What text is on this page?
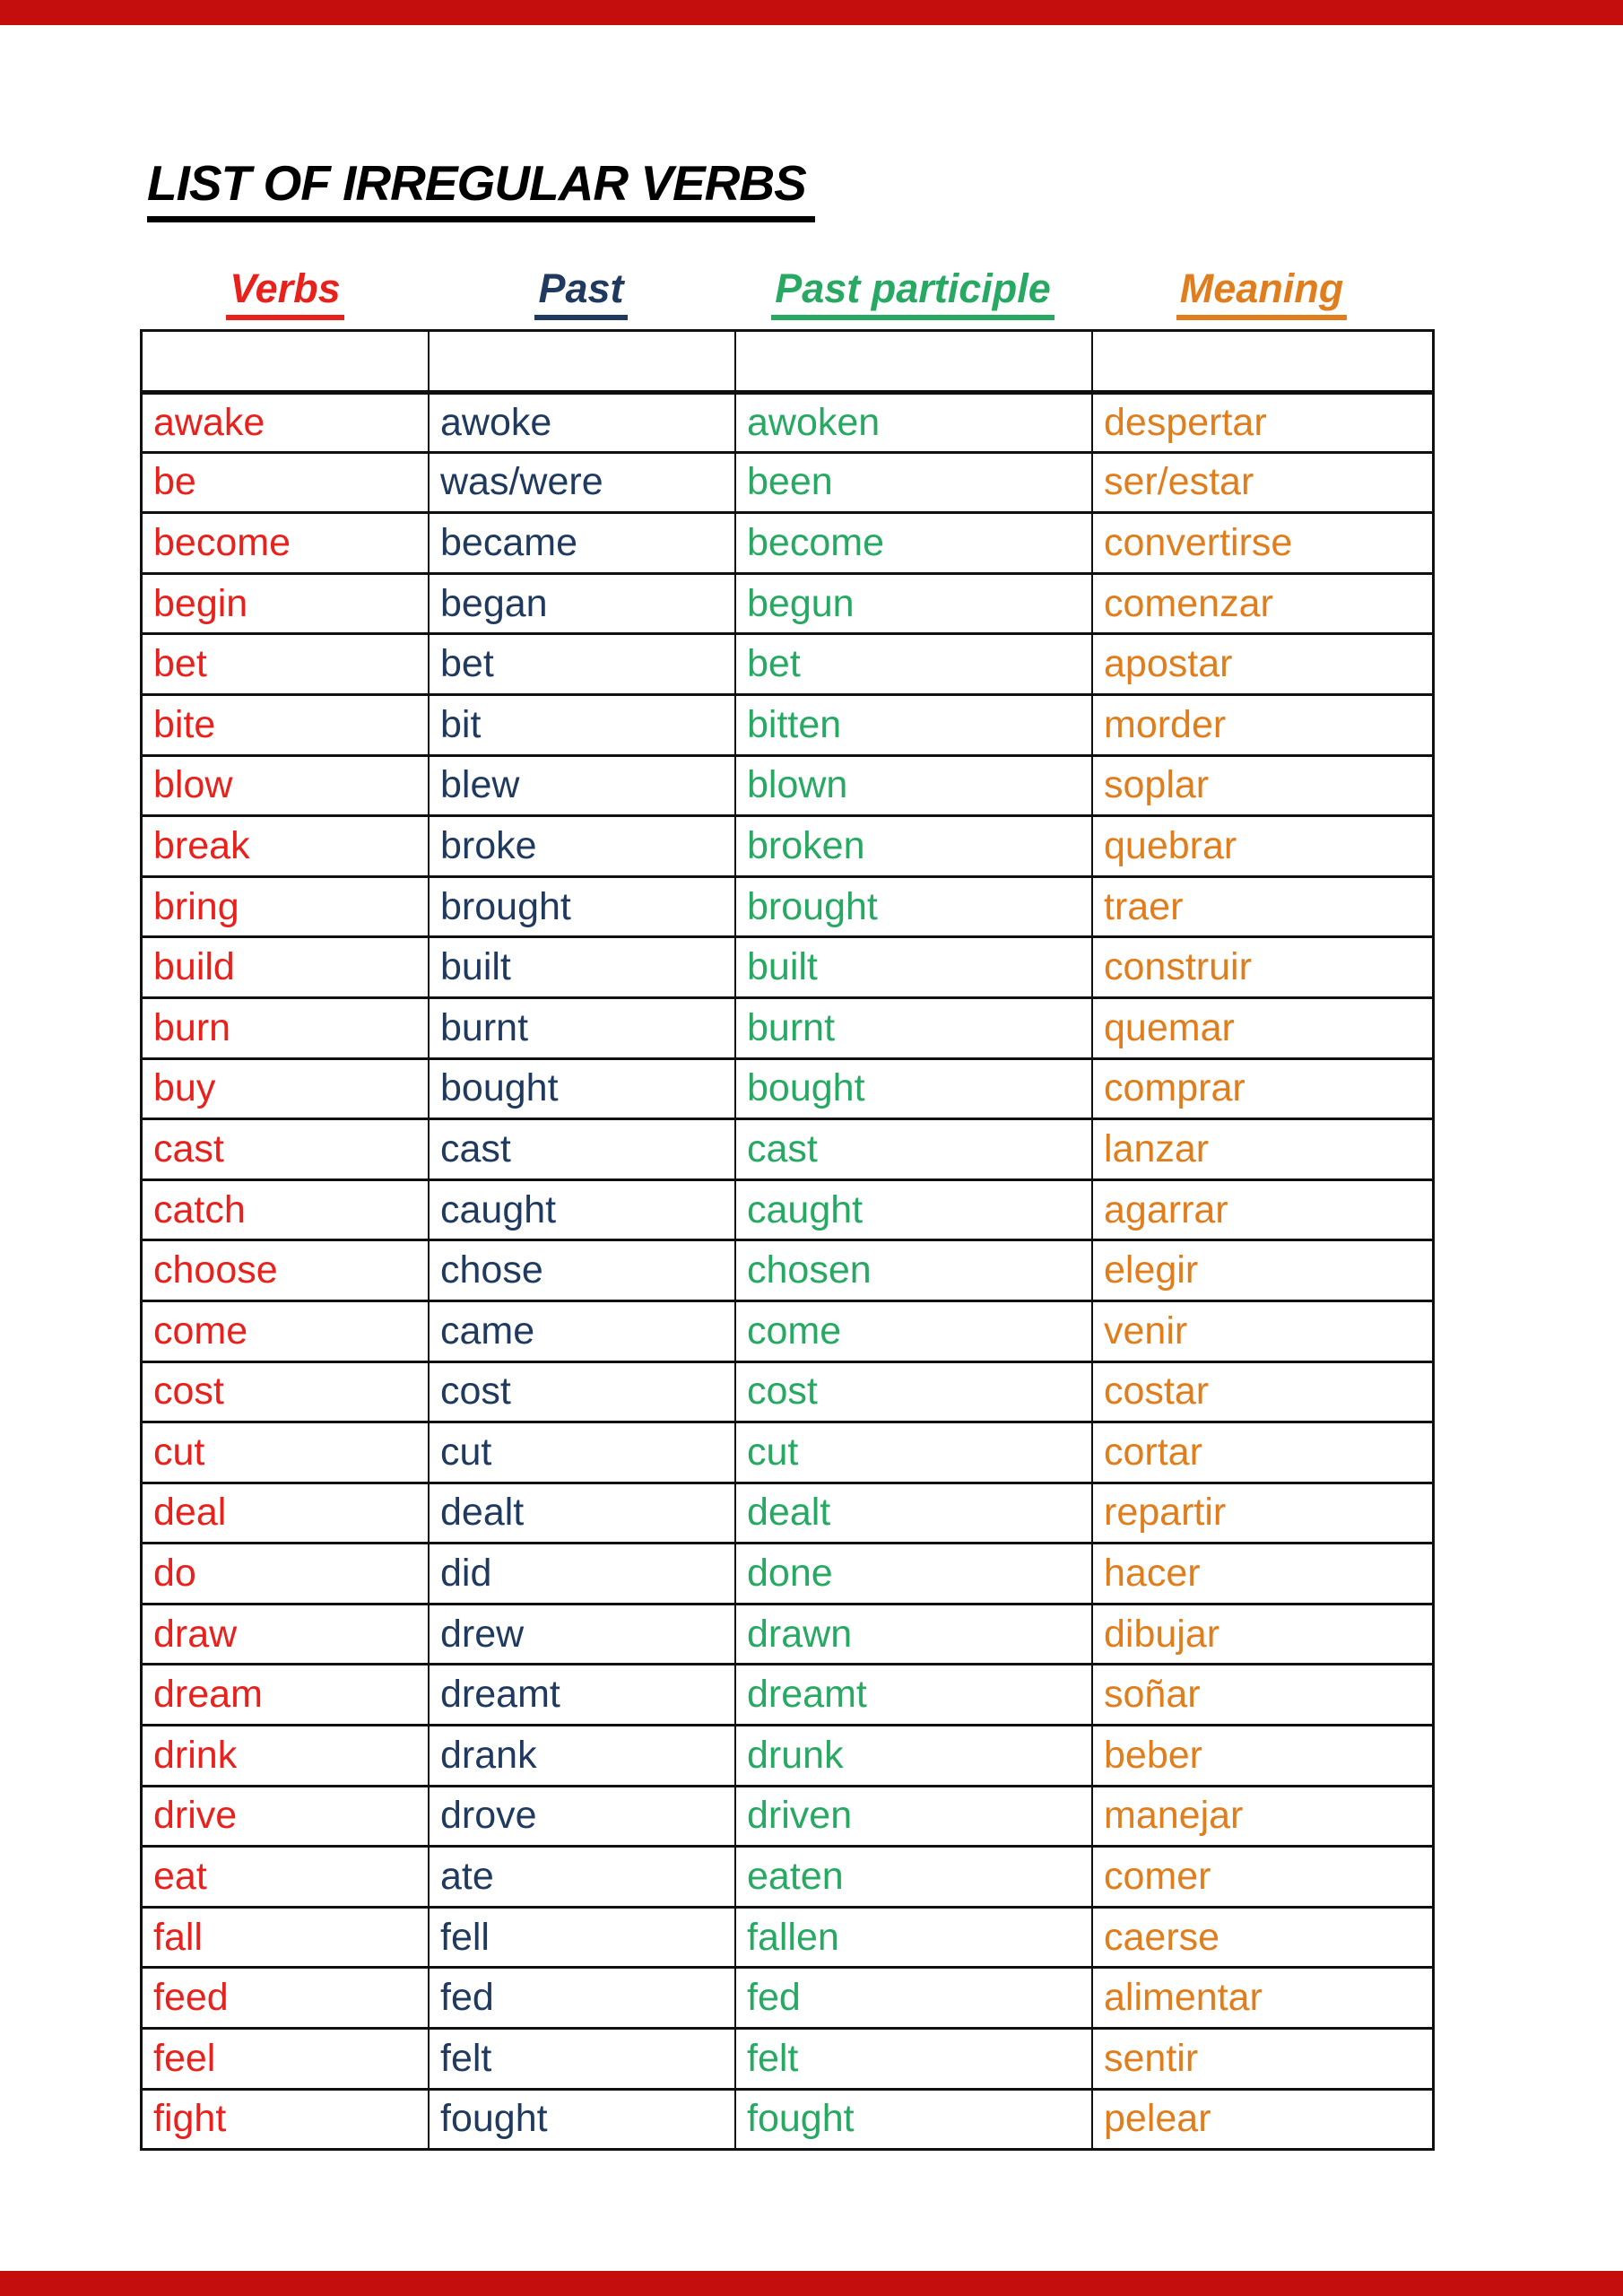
LIST OF IRREGULAR VERBS
Verbs	Past	Past participle	Meaning
awake	awoke	awoken	despertar
be	was/were	been	ser/estar
become	became	become	convertirse
begin	began	begun	comenzar
bet	bet	bet	apostar
bite	bit	bitten	morder
blow	blew	blown	soplar
break	broke	broken	quebrar
bring	brought	brought	traer
build	built	built	construir
burn	burnt	burnt	quemar
buy	bought	bought	comprar
cast	cast	cast	lanzar
catch	caught	caught	agarrar
choose	chose	chosen	elegir
come	came	come	venir
cost	cost	cost	costar
cut	cut	cut	cortar
deal	dealt	dealt	repartir
do	did	done	hacer
draw	drew	drawn	dibujar
dream	dreamt	dreamt	soñar
drink	drank	drunk	beber
drive	drove	driven	manejar
eat	ate	eaten	comer
fall	fell	fallen	caerse
feed	fed	fed	alimentar
feel	felt	felt	sentir
fight	fought	fought	pelear
